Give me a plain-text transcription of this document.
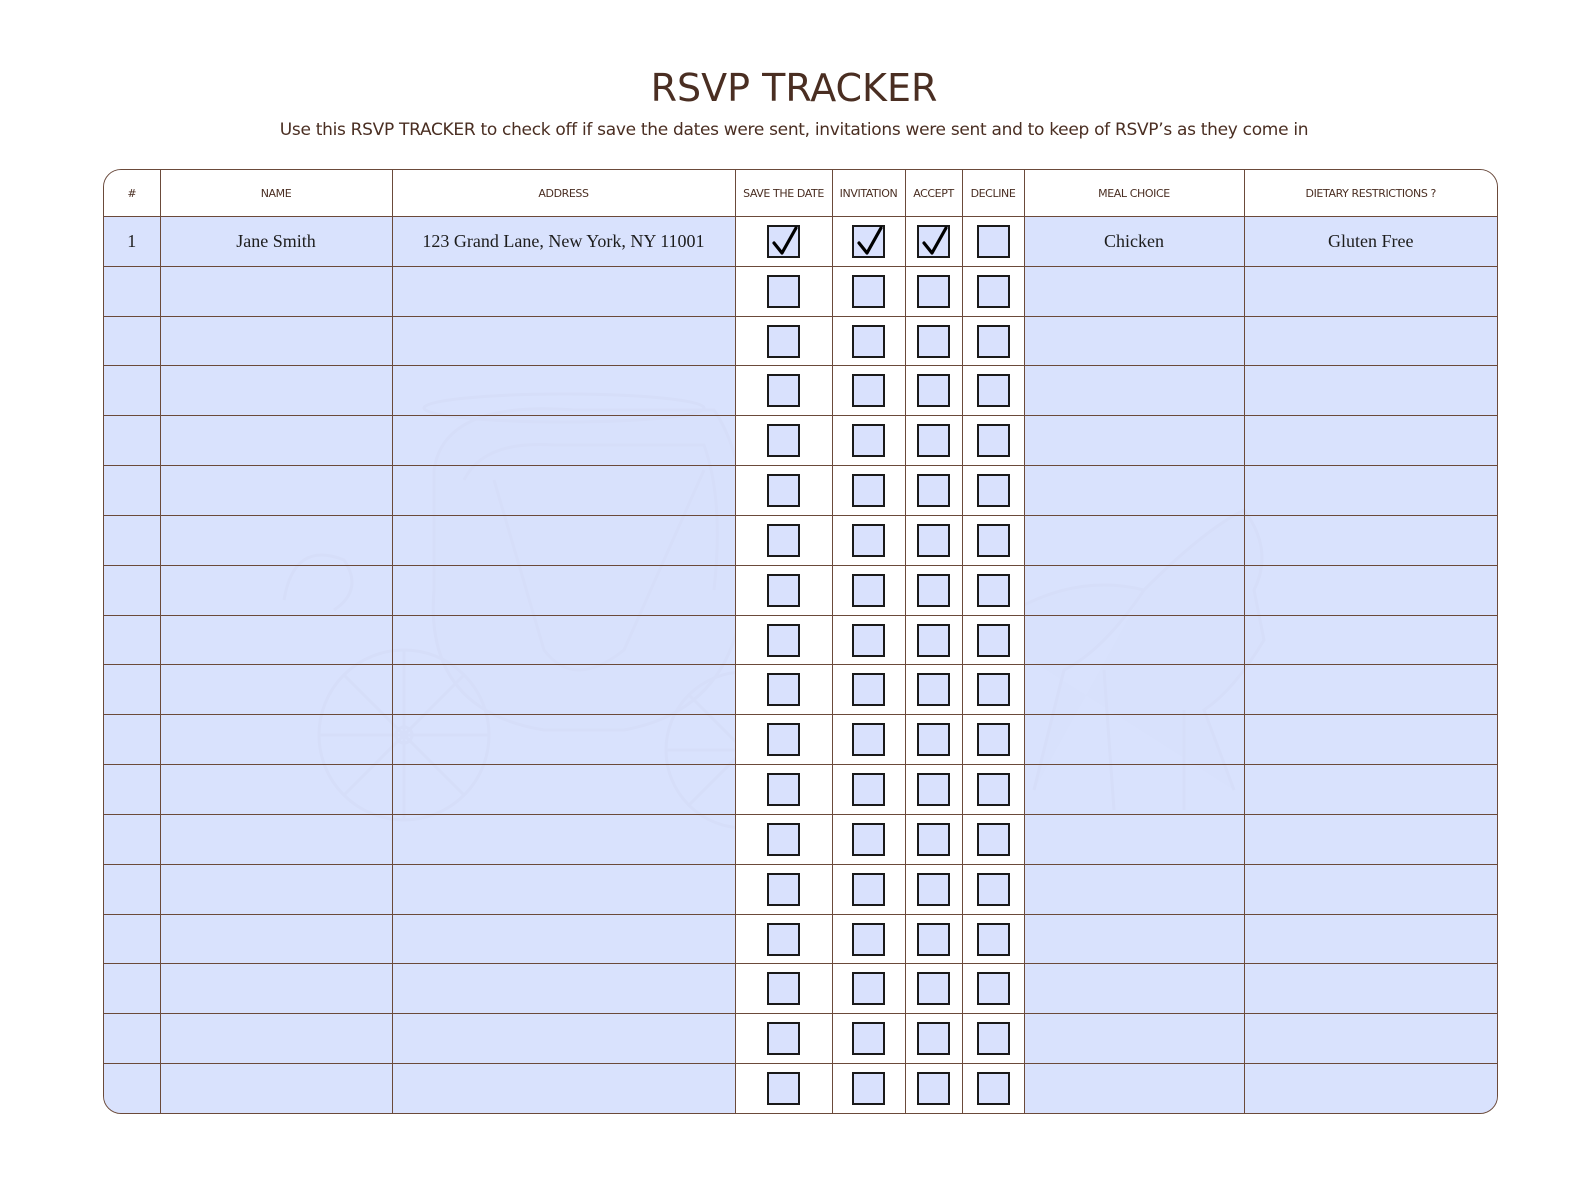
RSVP TRACKER
Use this RSVP TRACKER to check off if save the dates were sent, invitations were sent and to keep of RSVP’s as they come in
#	NAME	ADDRESS	SAVE THE DATE	INVITATION	ACCEPT	DECLINE	MEAL CHOICE	DIETARY RESTRICTIONS ?
1	Jane Smith	123 Grand Lane, New York, NY 11001					Chicken	Gluten Free
